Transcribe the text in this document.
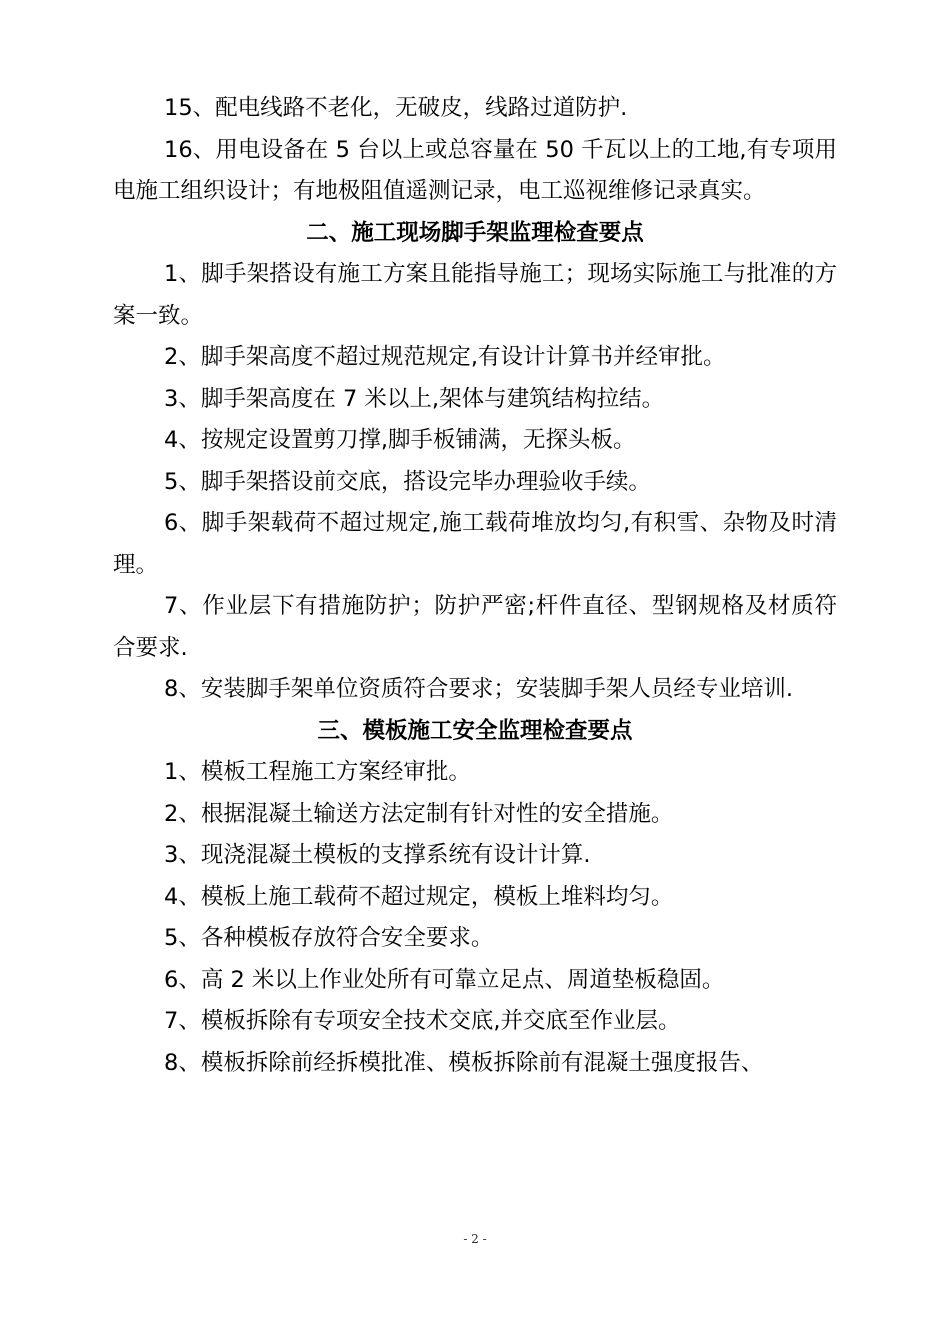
15、配电线路不老化，无破皮，线路过道防护.

16、用电设备在 5 台以上或总容量在 50 千瓦以上的工地,有专项用电施工组织设计；有地极阻值遥测记录，电工巡视维修记录真实。

二、施工现场脚手架监理检查要点

1、脚手架搭设有施工方案且能指导施工；现场实际施工与批准的方案一致。

2、脚手架高度不超过规范规定,有设计计算书并经审批。

3、脚手架高度在 7 米以上,架体与建筑结构拉结。

4、按规定设置剪刀撑,脚手板铺满，无探头板。

5、脚手架搭设前交底，搭设完毕办理验收手续。

6、脚手架载荷不超过规定,施工载荷堆放均匀,有积雪、杂物及时清理。

7、作业层下有措施防护；防护严密;杆件直径、型钢规格及材质符合要求.

8、安装脚手架单位资质符合要求；安装脚手架人员经专业培训.

三、模板施工安全监理检查要点

1、模板工程施工方案经审批。

2、根据混凝土输送方法定制有针对性的安全措施。

3、现浇混凝土模板的支撑系统有设计计算.

4、模板上施工载荷不超过规定，模板上堆料均匀。

5、各种模板存放符合安全要求。

6、高 2 米以上作业处所有可靠立足点、周道垫板稳固。

7、模板拆除有专项安全技术交底,并交底至作业层。

8、模板拆除前经拆模批准、模板拆除前有混凝土强度报告、

- 2 -
